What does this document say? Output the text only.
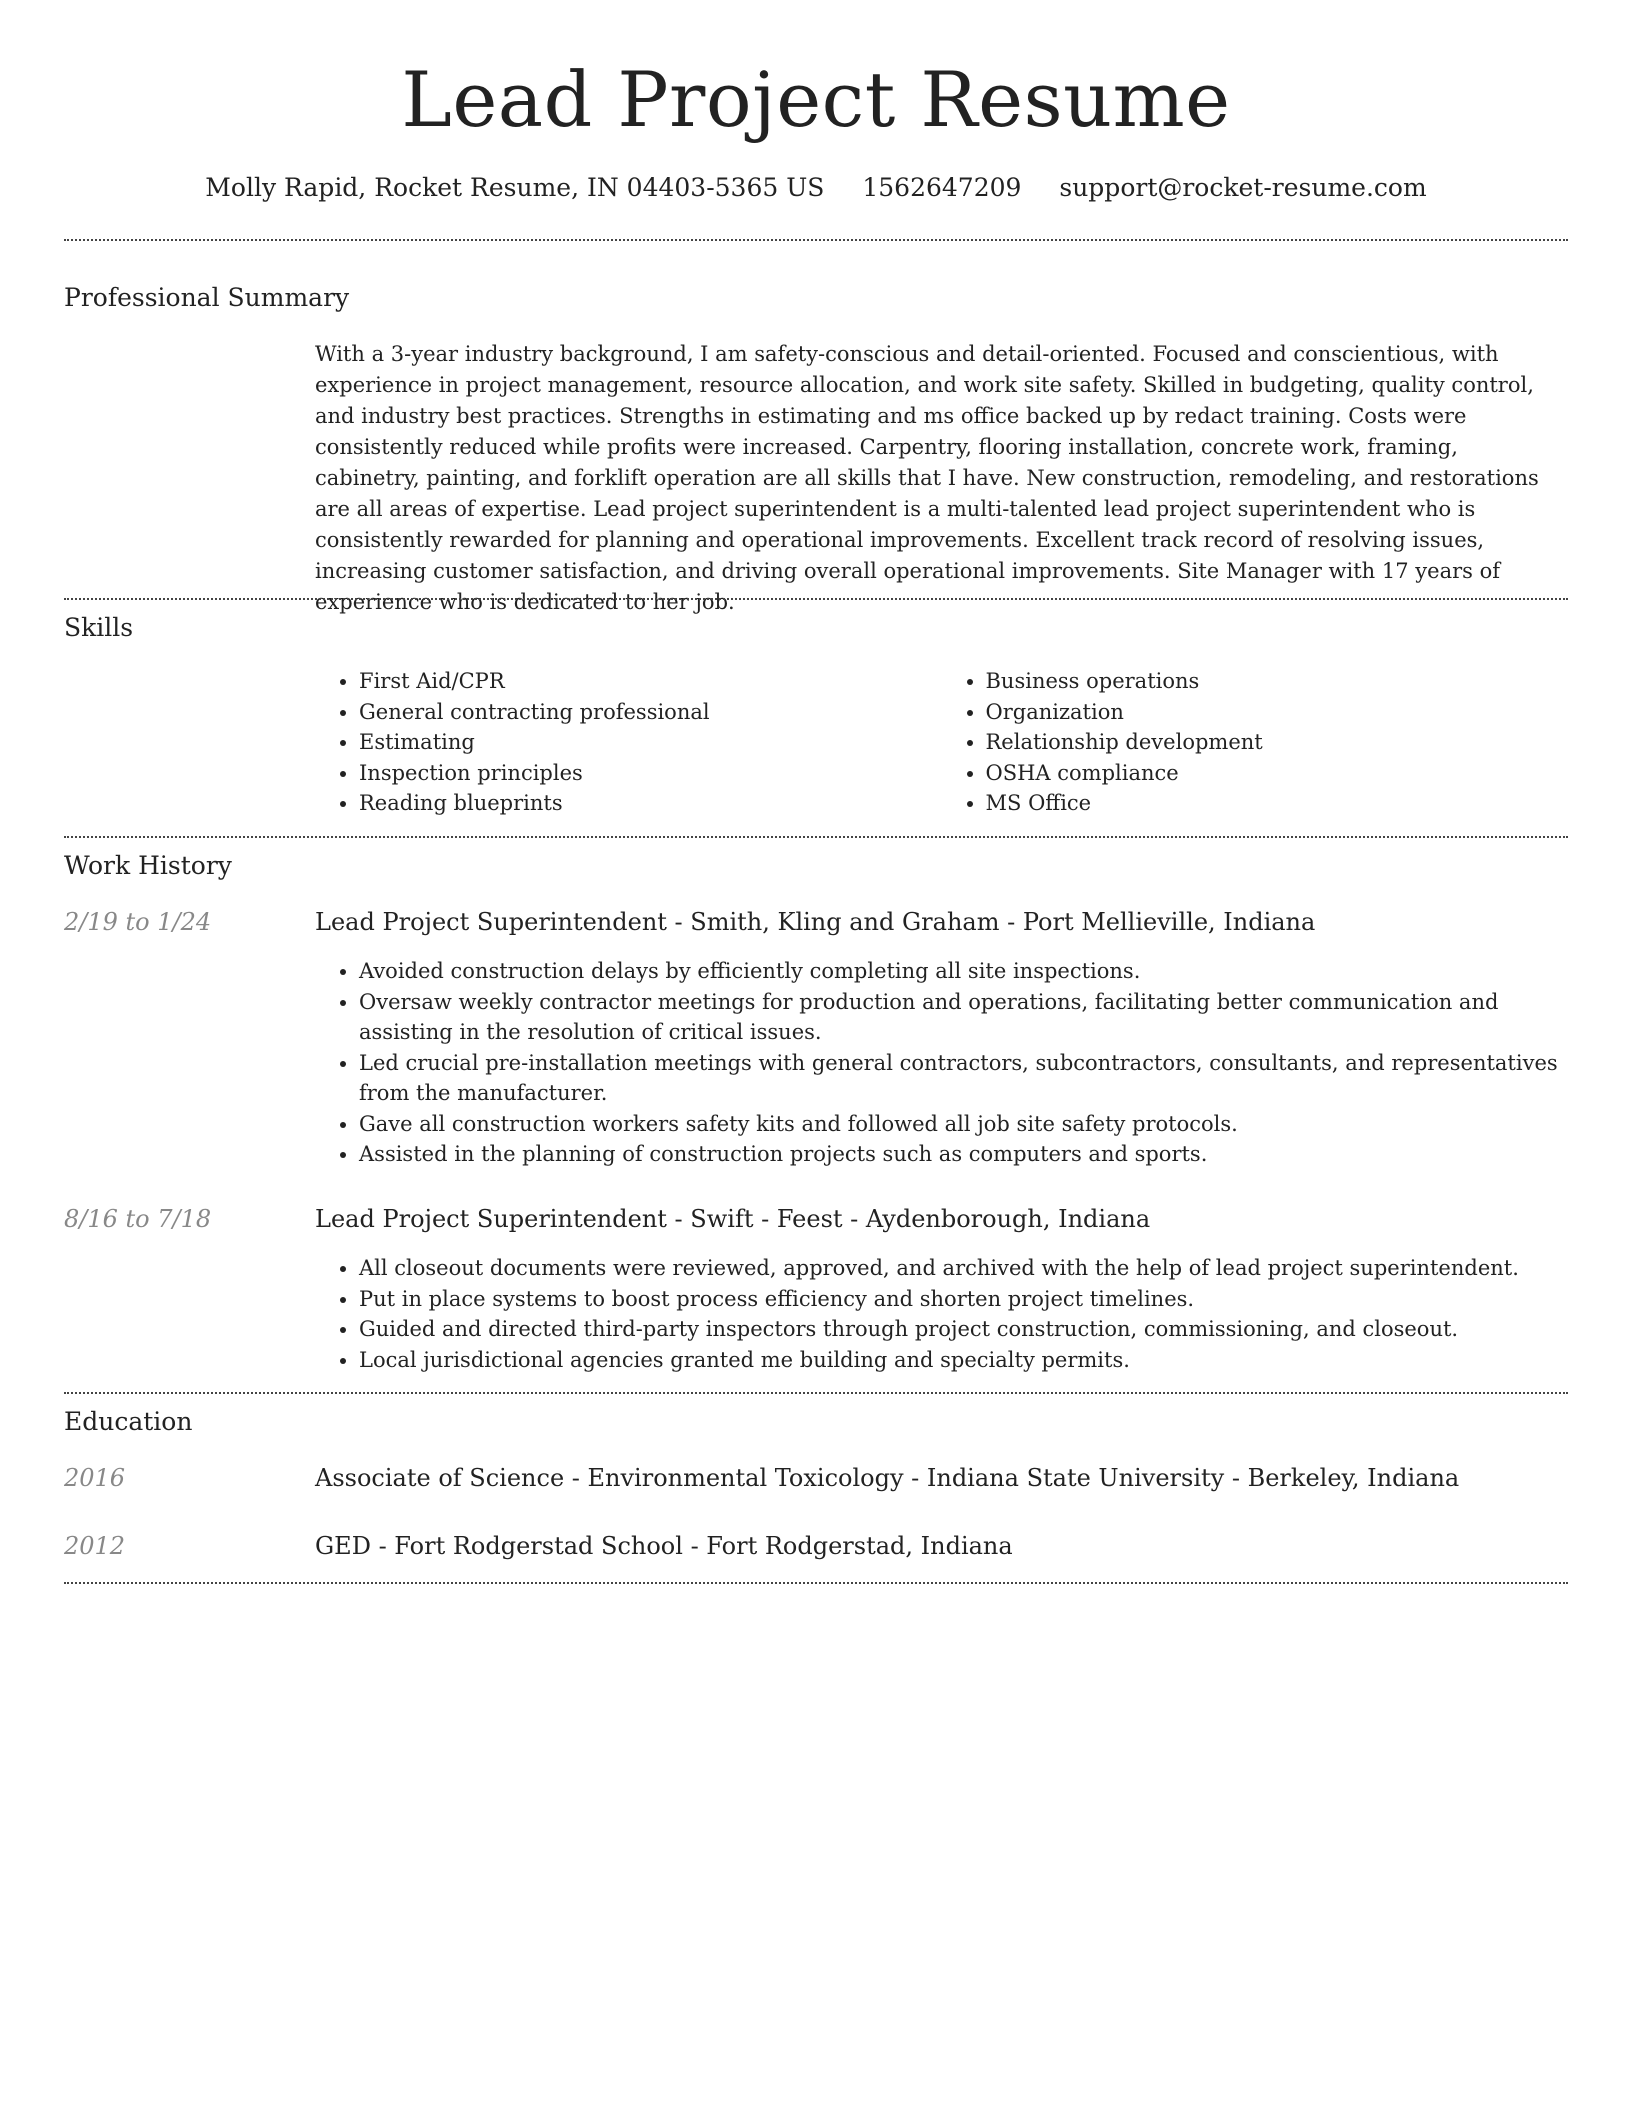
Lead Project Resume
Molly Rapid, Rocket Resume, IN 04403-5365 US 1562647209 support@rocket-resume.com
Professional Summary

With a 3-year industry background, I am safety-conscious and detail-oriented. Focused and conscientious, with experience in project management, resource allocation, and work site safety. Skilled in budgeting, quality control, and industry best practices. Strengths in estimating and ms office backed up by redact training. Costs were consistently reduced while profits were increased. Carpentry, flooring installation, concrete work, framing, cabinetry, painting, and forklift operation are all skills that I have. New construction, remodeling, and restorations are all areas of expertise. Lead project superintendent is a multi-talented lead project superintendent who is consistently rewarded for planning and operational improvements. Excellent track record of resolving issues, increasing customer satisfaction, and driving overall operational improvements. Site Manager with 17 years of experience who is dedicated to her job.

Skills
• First Aid/CPR
• General contracting professional
• Estimating
• Inspection principles
• Reading blueprints
• Business operations
• Organization
• Relationship development
• OSHA compliance
• MS Office
Work History
2/19 to 1/24	Lead Project Superintendent - Smith, Kling and Graham - Port Mellieville, Indiana
• Avoided construction delays by efficiently completing all site inspections.
• Oversaw weekly contractor meetings for production and operations, facilitating better communication and assisting in the resolution of critical issues.
• Led crucial pre-installation meetings with general contractors, subcontractors, consultants, and representatives from the manufacturer.
• Gave all construction workers safety kits and followed all job site safety protocols.
• Assisted in the planning of construction projects such as computers and sports.
8/16 to 7/18	Lead Project Superintendent - Swift - Feest - Aydenborough, Indiana
• All closeout documents were reviewed, approved, and archived with the help of lead project superintendent.
• Put in place systems to boost process efficiency and shorten project timelines.
• Guided and directed third-party inspectors through project construction, commissioning, and closeout.
• Local jurisdictional agencies granted me building and specialty permits.
Education
2016	Associate of Science - Environmental Toxicology - Indiana State University - Berkeley, Indiana
2012	GED - Fort Rodgerstad School - Fort Rodgerstad, Indiana
